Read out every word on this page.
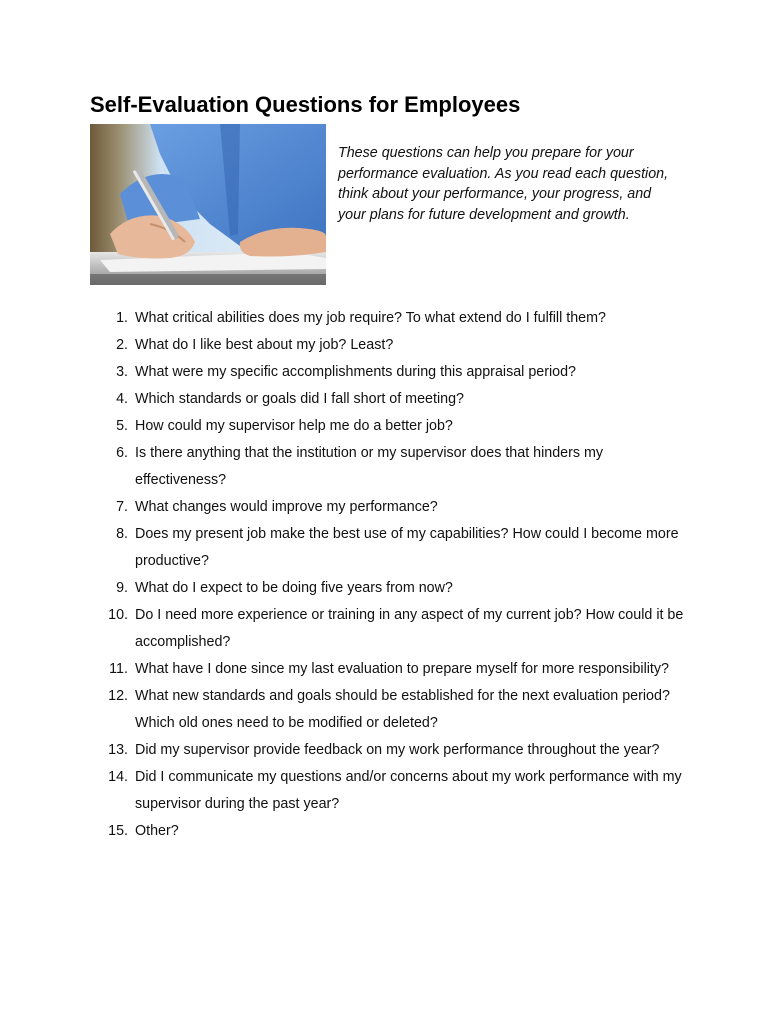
Self-Evaluation Questions for Employees

These questions can help you prepare for your performance evaluation. As you read each question, think about your performance, your progress, and your plans for future development and growth.

1. What critical abilities does my job require? To what extend do I fulfill them?
2. What do I like best about my job? Least?
3. What were my specific accomplishments during this appraisal period?
4. Which standards or goals did I fall short of meeting?
5. How could my supervisor help me do a better job?
6. Is there anything that the institution or my supervisor does that hinders my effectiveness?
7. What changes would improve my performance?
8. Does my present job make the best use of my capabilities? How could I become more productive?
9. What do I expect to be doing five years from now?
10. Do I need more experience or training in any aspect of my current job? How could it be accomplished?
11. What have I done since my last evaluation to prepare myself for more responsibility?
12. What new standards and goals should be established for the next evaluation period? Which old ones need to be modified or deleted?
13. Did my supervisor provide feedback on my work performance throughout the year?
14. Did I communicate my questions and/or concerns about my work performance with my supervisor during the past year?
15. Other?
